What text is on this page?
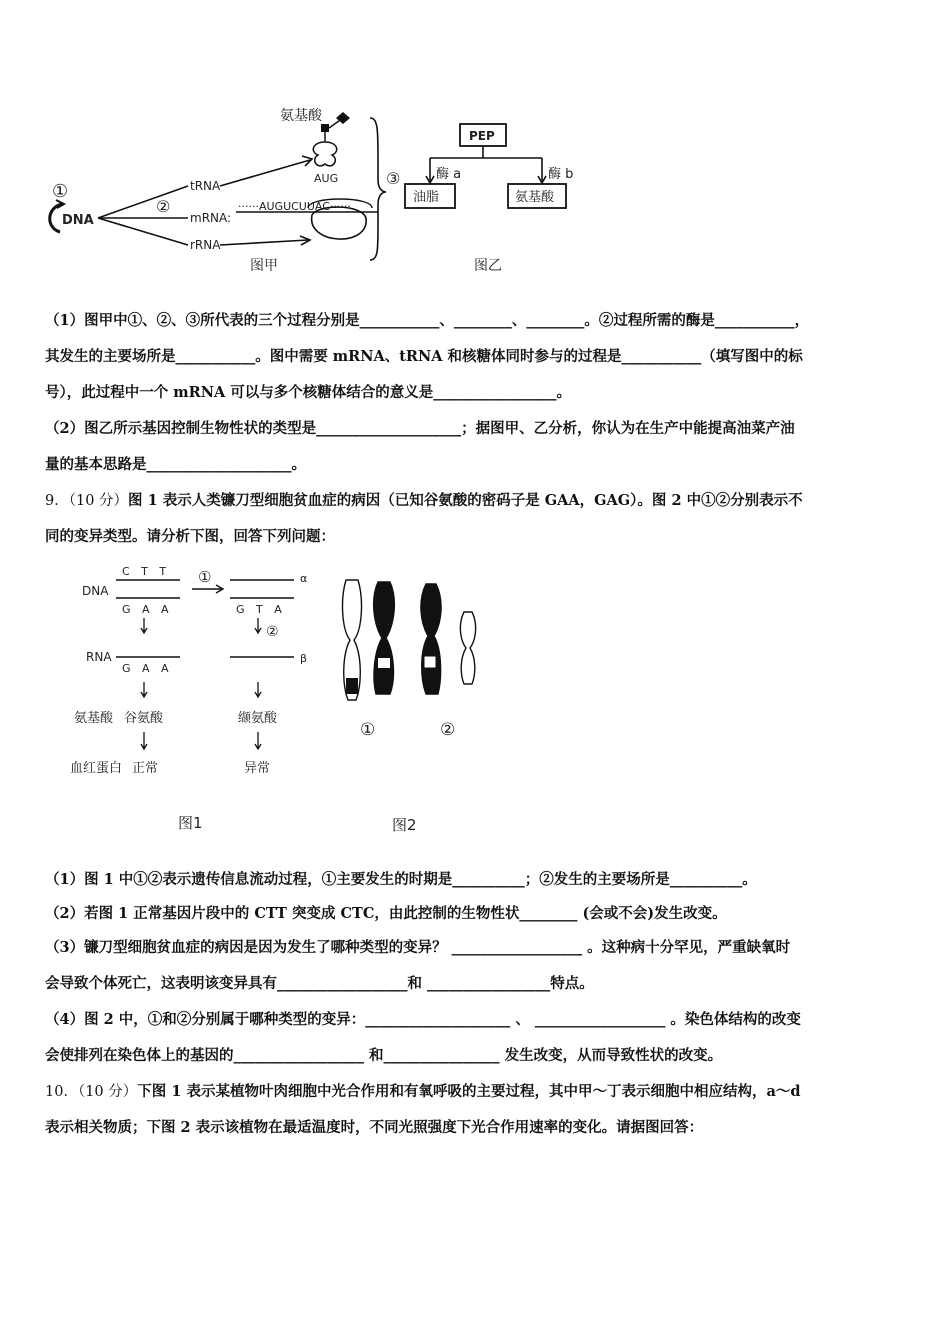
①
DNA
②
tRNA
mRNA:
rRNA
氨基酸
AUG
······AUGUCUUAC······
③
图甲
PEP
酶 a	酶 b
油脂	氨基酸
图乙
（1）图甲中①、②、③所代表的三个过程分别是___________、________、________。②过程所需的酶是___________，
其发生的主要场所是___________。图中需要 mRNA、tRNA 和核糖体同时参与的过程是___________（填写图中的标
号），此过程中一个 mRNA 可以与多个核糖体结合的意义是_________________。
（2）图乙所示基因控制生物性状的类型是____________________；据图甲、乙分析，你认为在生产中能提高油菜产油
量的基本思路是____________________。
9．（10 分）图 1 表示人类镰刀型细胞贫血症的病因（已知谷氨酸的密码子是 GAA，GAG）。图 2 中①②分别表示不
同的变异类型。请分析下图，回答下列问题：
DNA
C T T
G A A
①	α
G T A
②
RNA
G A A
β
氨基酸 谷氨酸	缬氨酸
血红蛋白 正常	异常
图1
①	②
图2
（1）图 1 中①②表示遗传信息流动过程，①主要发生的时期是__________；②发生的主要场所是__________。
（2）若图 1 正常基因片段中的 CTT 突变成 CTC，由此控制的生物性状________ (会或不会)发生改变。
（3）镰刀型细胞贫血症的病因是因为发生了哪种类型的变异？ __________________ 。这种病十分罕见，严重缺氧时
会导致个体死亡，这表明该变异具有__________________和 _________________特点。
（4）图 2 中，①和②分别属于哪种类型的变异：____________________ 、 __________________ 。染色体结构的改变
会使排列在染色体上的基因的__________________ 和________________ 发生改变，从而导致性状的改变。
10．（10 分）下图 1 表示某植物叶肉细胞中光合作用和有氧呼吸的主要过程，其中甲～丁表示细胞中相应结构，a～d
表示相关物质；下图 2 表示该植物在最适温度时，不同光照强度下光合作用速率的变化。请据图回答：
